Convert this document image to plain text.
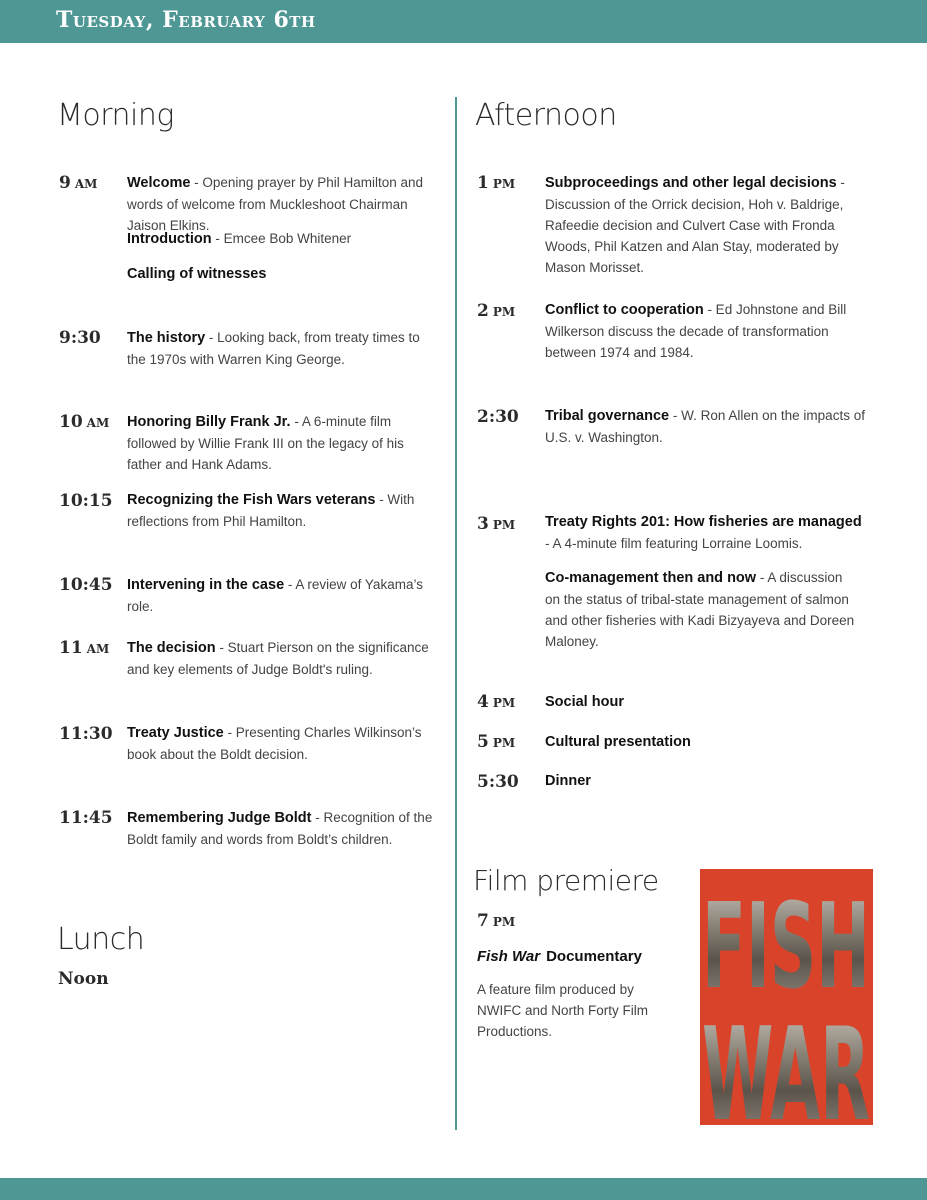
Tuesday, February 6th
Morning
9 AM Welcome - Opening prayer by Phil Hamilton and words of welcome from Muckleshoot Chairman Jaison Elkins.
Introduction - Emcee Bob Whitener
Calling of witnesses
9:30 The history - Looking back, from treaty times to the 1970s with Warren King George.
10 AM Honoring Billy Frank Jr. - A 6-minute film followed by Willie Frank III on the legacy of his father and Hank Adams.
10:15 Recognizing the Fish Wars veterans - With reflections from Phil Hamilton.
10:45 Intervening in the case - A review of Yakama’s role.
11 AM The decision - Stuart Pierson on the significance and key elements of Judge Boldt's ruling.
11:30 Treaty Justice - Presenting Charles Wilkinson’s book about the Boldt decision.
11:45 Remembering Judge Boldt - Recognition of the Boldt family and words from Boldt’s children.
Lunch
Noon
Afternoon
1 PM Subproceedings and other legal decisions - Discussion of the Orrick decision, Hoh v. Baldrige, Rafeedie decision and Culvert Case with Fronda Woods, Phil Katzen and Alan Stay, moderated by Mason Morisset.
2 PM Conflict to cooperation - Ed Johnstone and Bill Wilkerson discuss the decade of transformation between 1974 and 1984.
2:30 Tribal governance - W. Ron Allen on the impacts of U.S. v. Washington.
3 PM Treaty Rights 201: How fisheries are managed - A 4-minute film featuring Lorraine Loomis.
Co-management then and now - A discussion on the status of tribal-state management of salmon and other fisheries with Kadi Bizyayeva and Doreen Maloney.
4 PM Social hour
5 PM Cultural presentation
5:30 Dinner
Film premiere
7 PM
Fish War Documentary
A feature film produced by NWIFC and North Forty Film Productions.
FISH
WAR
